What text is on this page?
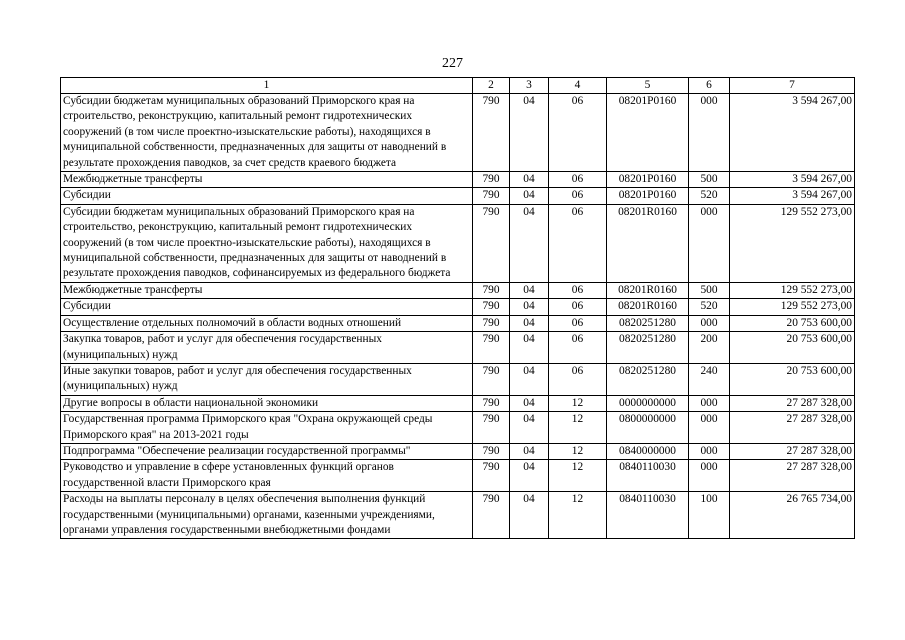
227
1	2	3	4	5	6	7
Субсидии бюджетам муниципальных образований Приморского края на строительство, реконструкцию, капитальный ремонт гидротехнических сооружений (в том числе проектно-изыскательские работы), находящихся в муниципальной собственности, предназначенных для защиты от наводнений в результате прохождения паводков, за счет средств краевого бюджета	790	04	06	08201P0160	000	3 594 267,00
Межбюджетные трансферты	790	04	06	08201P0160	500	3 594 267,00
Субсидии	790	04	06	08201P0160	520	3 594 267,00
Субсидии бюджетам муниципальных образований Приморского края на строительство, реконструкцию, капитальный ремонт гидротехнических сооружений (в том числе проектно-изыскательские работы), находящихся в муниципальной собственности, предназначенных для защиты от наводнений в результате прохождения паводков, софинансируемых из федерального бюджета	790	04	06	08201R0160	000	129 552 273,00
Межбюджетные трансферты	790	04	06	08201R0160	500	129 552 273,00
Субсидии	790	04	06	08201R0160	520	129 552 273,00
Осуществление отдельных полномочий в области водных отношений	790	04	06	0820251280	000	20 753 600,00
Закупка товаров, работ и услуг для обеспечения государственных (муниципальных) нужд	790	04	06	0820251280	200	20 753 600,00
Иные закупки товаров, работ и услуг для обеспечения государственных (муниципальных) нужд	790	04	06	0820251280	240	20 753 600,00
Другие вопросы в области национальной экономики	790	04	12	0000000000	000	27 287 328,00
Государственная программа Приморского края "Охрана окружающей среды Приморского края" на 2013-2021 годы	790	04	12	0800000000	000	27 287 328,00
Подпрограмма "Обеспечение реализации государственной программы"	790	04	12	0840000000	000	27 287 328,00
Руководство и управление в сфере установленных функций органов государственной власти Приморского края	790	04	12	0840110030	000	27 287 328,00
Расходы на выплаты персоналу в целях обеспечения выполнения функций государственными (муниципальными) органами, казенными учреждениями, органами управления государственными внебюджетными фондами	790	04	12	0840110030	100	26 765 734,00
